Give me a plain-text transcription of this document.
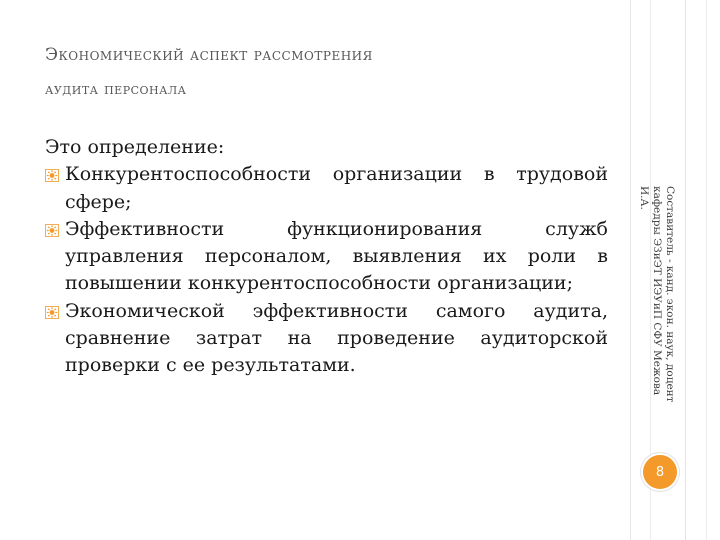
Экономический аспект рассмотрения
аудита персонала
Это определение:
Конкурентоспособности организации в трудовой сфере;
Эффективности функционирования служб управления персоналом, выявления их роли в повышении конкурентоспособности организации;
Экономической эффективности самого аудита, сравнение затрат на проведение аудиторской проверки с ее результатами.	Составитель - канд. экон. наук, доцент кафедры ЭЗиЭТ ИЭУиП СФУ Межова И.А.
8
